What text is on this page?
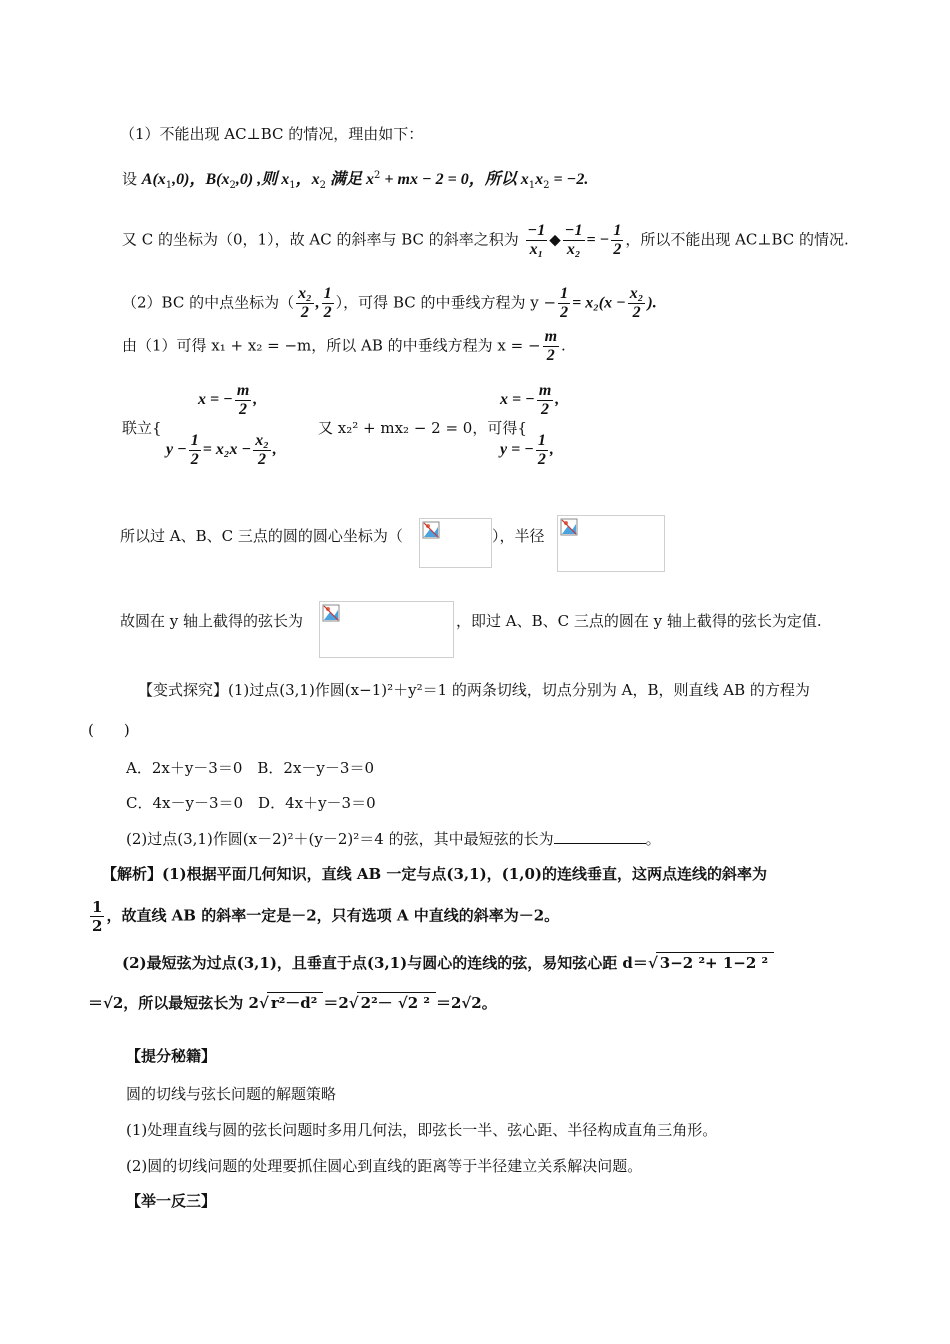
（1）不能出现 AC⊥BC 的情况，理由如下：
设 $A(x_1,0)$，$B(x_2,0)$ ,则 $x_1$，$x_2$ 满足 $x^2$ + mx − 2 = 0，所以 $x_1x_2 = -2$.
又 C 的坐标为（0，1），故 AC 的斜率与 BC 的斜率之积为 $\frac{-1}{\text{x₁}}$ ◆ $\frac{-1}{\text{x₂}}$ = − $\frac{1}{2}$ ，所以不能出现 AC⊥BC 的情况.
（2）BC 的中点坐标为（ $\frac{\text{x₂}}{2}$ , $\frac{1}{2}$ ），可得 BC 的中垂线方程为 $y - \frac{1}{2} = x_2(x - \frac{\text{x₂}}{2}$ ).
由（1）可得 x₁ + x₂ = −m，所以 AB 的中垂线方程为 x = − $\frac{m}{2}$ .
联立{
x = − $\frac{m}{2}$ ,
$y - \frac{1}{2} = x_2x - \frac{\text{x₂}}{2}$ ,
又 x₂² + mx₂ − 2 = 0，可得{
x = − $\frac{m}{2}$ ,
y = − $\frac{1}{2}$ ,
所以过 A、B、C 三点的圆的圆心坐标为（	），半径
故圆在 y 轴上截得的弦长为	，即过 A、B、C 三点的圆在 y 轴上截得的弦长为定值.
【变式探究】(1)过点(3,1)作圆(x−1)²＋y²＝1 的两条切线，切点分别为 A，B，则直线 AB 的方程为
(　　)
A．2x＋y－3＝0　B．2x－y－3＝0
C．4x－y－3＝0　D．4x＋y－3＝0
(2)过点(3,1)作圆(x－2)²＋(y－2)²＝4 的弦，其中最短弦的长为	。
【解析】(1)根据平面几何知识，直线 AB 一定与点(3,1)，(1,0)的连线垂直，这两点连线的斜率为
$\frac{1}{2}$ ，故直线 AB 的斜率一定是－2，只有选项 A 中直线的斜率为－2。
(2)最短弦为过点(3,1)，且垂直于点(3,1)与圆心的连线的弦，易知弦心距 d＝√ 3−2 ²+ 1−2 ²
＝√2，所以最短弦长为 2√ r²－d² ＝2√ 2²－ √2 ² ＝2√2。
【提分秘籍】
圆的切线与弦长问题的解题策略
(1)处理直线与圆的弦长问题时多用几何法，即弦长一半、弦心距、半径构成直角三角形。
(2)圆的切线问题的处理要抓住圆心到直线的距离等于半径建立关系解决问题。
【举一反三】
